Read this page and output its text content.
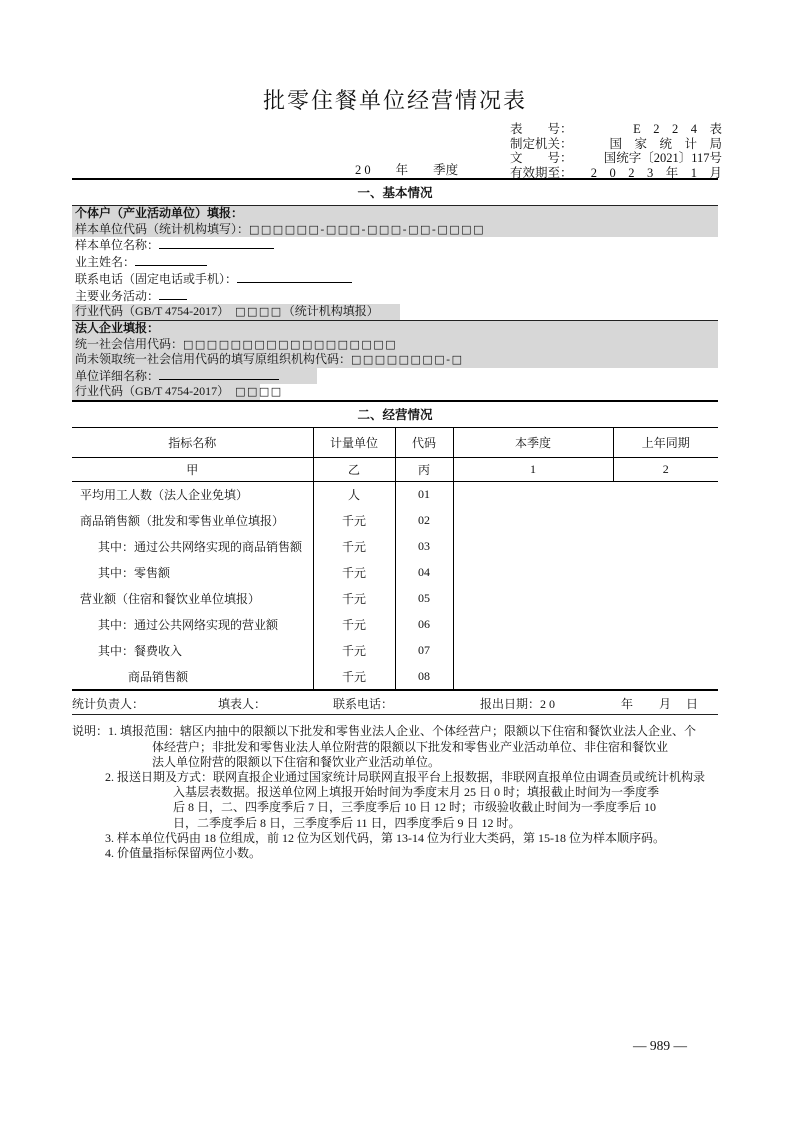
批零住餐单位经营情况表
表　　号：	E　2　2　4　表
制定机关：	国　家　统　计　局
文　　号： 国统字〔2021〕117号
有效期至： 2　0　2　3　年　1　月
2 0　　年　　季度
一、基本情况
个体户（产业活动单位）填报：
样本单位代码（统计机构填写）：□□□□□□-□□□-□□□-□□-□□□□
样本单位名称：
业主姓名：
联系电话（固定电话或手机）：
主要业务活动：
行业代码（GB/T 4754-2017）　□□□□（统计机构填报）
法人企业填报：
统一社会信用代码：□□□□□□□□□□□□□□□□□□
尚未领取统一社会信用代码的填写原组织机构代码：□□□□□□□□-□
单位详细名称：
行业代码（GB/T 4754-2017）　□□□□
二、经营情况
指标名称	计量单位	代码	本季度	上年同期
甲	乙	丙	1	2
平均用工人数（法人企业免填）	人	01		
商品销售额（批发和零售业单位填报）	千元	02		
其中：通过公共网络实现的商品销售额	千元	03		
其中：零售额	千元	04		
营业额（住宿和餐饮业单位填报）	千元	05		
其中：通过公共网络实现的营业额	千元	06		
其中：餐费收入	千元	07		
商品销售额	千元	08		
统计负责人：	填表人：	联系电话：	报出日期：2 0	年 月 日
说明：1. 填报范围：辖区内抽中的限额以下批发和零售业法人企业、个体经营户；限额以下住宿和餐饮业法人企业、个
体经营户；非批发和零售业法人单位附营的限额以下批发和零售业产业活动单位、非住宿和餐饮业
法人单位附营的限额以下住宿和餐饮业产业活动单位。
2. 报送日期及方式：联网直报企业通过国家统计局联网直报平台上报数据，非联网直报单位由调查员或统计机构录
入基层表数据。报送单位网上填报开始时间为季度末月 25 日 0 时；填报截止时间为一季度季
后 8 日，二、四季度季后 7 日，三季度季后 10 日 12 时；市级验收截止时间为一季度季后 10
日，二季度季后 8 日，三季度季后 11 日，四季度季后 9 日 12 时。
3. 样本单位代码由 18 位组成，前 12 位为区划代码，第 13-14 位为行业大类码，第 15-18 位为样本顺序码。
4. 价值量指标保留两位小数。
— 989 —
